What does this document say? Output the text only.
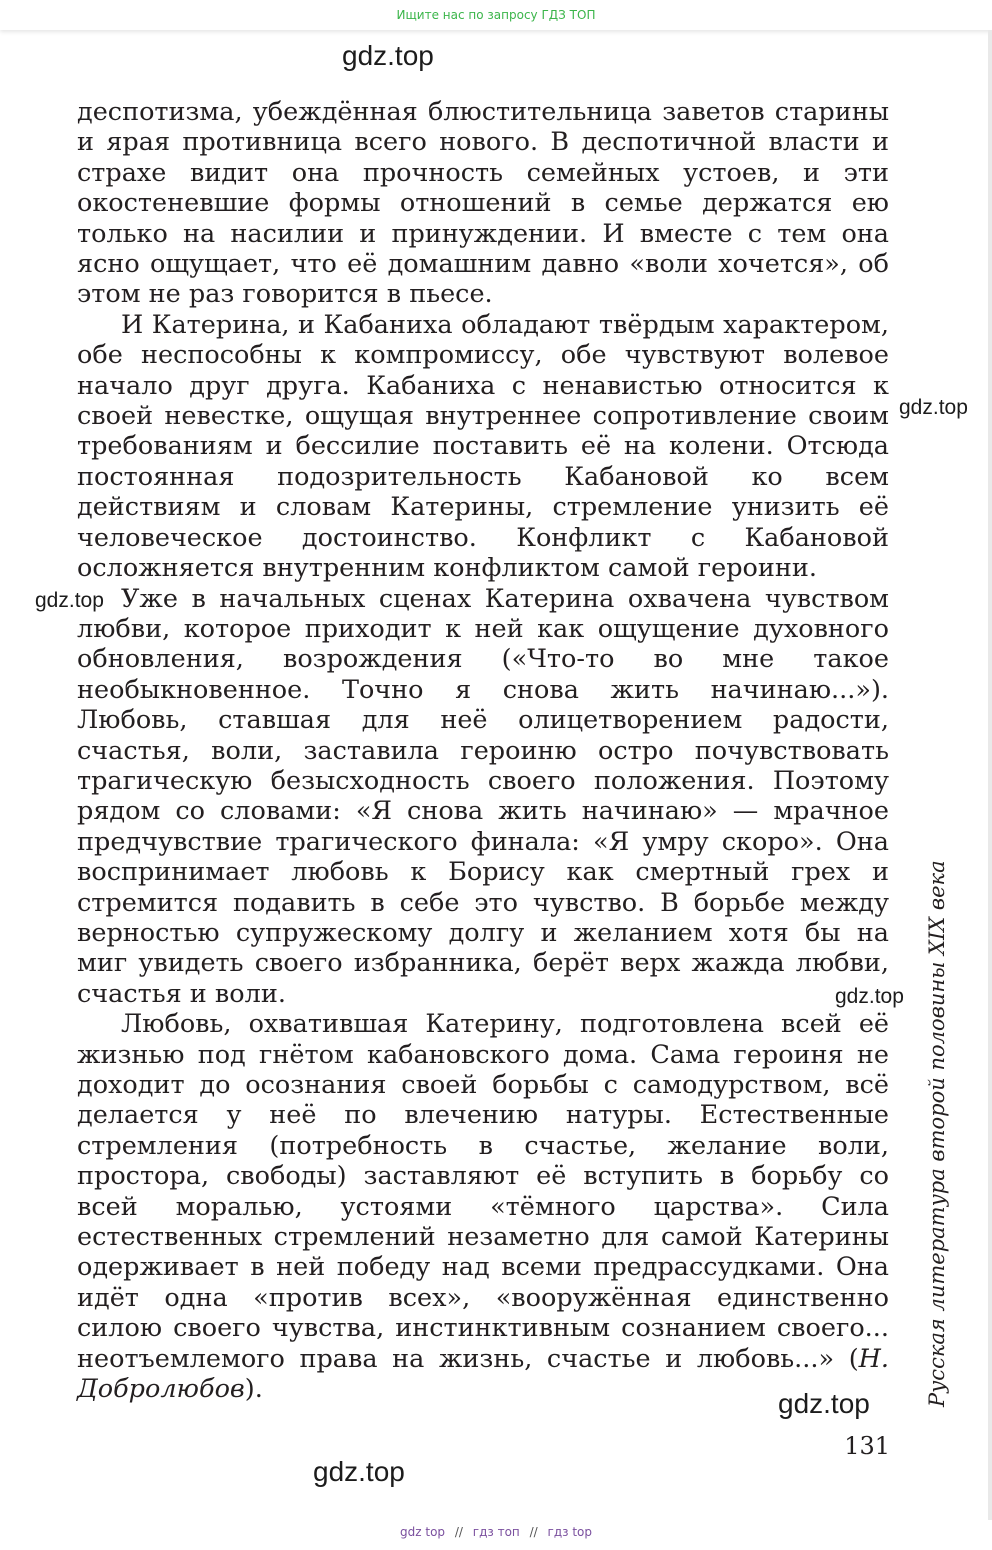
Ищите нас по запросу ГДЗ ТОП
gdz.top

деспотизма, убеждённая блюстительница заветов старины и ярая противница всего нового. В деспотичной власти и страхе видит она прочность семейных устоев, и эти окостеневшие формы отношений в семье держатся ею только на насилии и принуждении. И вместе с тем она ясно ощущает, что её домашним давно «воли хочется», об этом не раз говорится в пьесе.

И Катерина, и Кабаниха обладают твёрдым характером, обе неспособны к компромиссу, обе чувствуют волевое начало друг друга. Кабаниха с ненавистью относится к своей невестке, ощущая внутреннее сопротивление своим требованиям и бессилие поставить её на колени. Отсюда постоянная подозрительность Кабановой ко всем действиям и словам Катерины, стремление унизить её человеческое достоинство. Конфликт с Кабановой осложняется внутренним конфликтом самой героини.

Уже в начальных сценах Катерина охвачена чувством любви, которое приходит к ней как ощущение духовного обновления, возрождения («Что-то во мне такое необыкновенное. Точно я снова жить начинаю...»). Любовь, ставшая для неё олицетворением радости, счастья, воли, заставила героиню остро почувствовать трагическую безысходность своего положения. Поэтому рядом со словами: «Я снова жить начинаю» — мрачное предчувствие трагического финала: «Я умру скоро». Она воспринимает любовь к Борису как смертный грех и стремится подавить в себе это чувство. В борьбе между верностью супружескому долгу и желанием хотя бы на миг увидеть своего избранника, берёт верх жажда любви, счастья и воли.

Любовь, охватившая Катерину, подготовлена всей её жизнью под гнётом кабановского дома. Сама героиня не доходит до осознания своей борьбы с самодурством, всё делается у неё по влечению натуры. Естественные стремления (потребность в счастье, желание воли, простора, свободы) заставляют её вступить в борьбу со всей моралью, устоями «тёмного царства». Сила естественных стремлений незаметно для самой Катерины одерживает в ней победу над всеми предрассудками. Она идёт одна «против всех», «вооружённая единственно силою своего чувства, инстинктивным сознанием своего... неотъемлемого права на жизнь, счастье и любовь...» (Н. Добролюбов).

gdz.top
gdz.top
gdz.top
gdz.top
gdz.top
Русская литература второй половины XIX века
131
gdz top // гдз топ // гдз top
